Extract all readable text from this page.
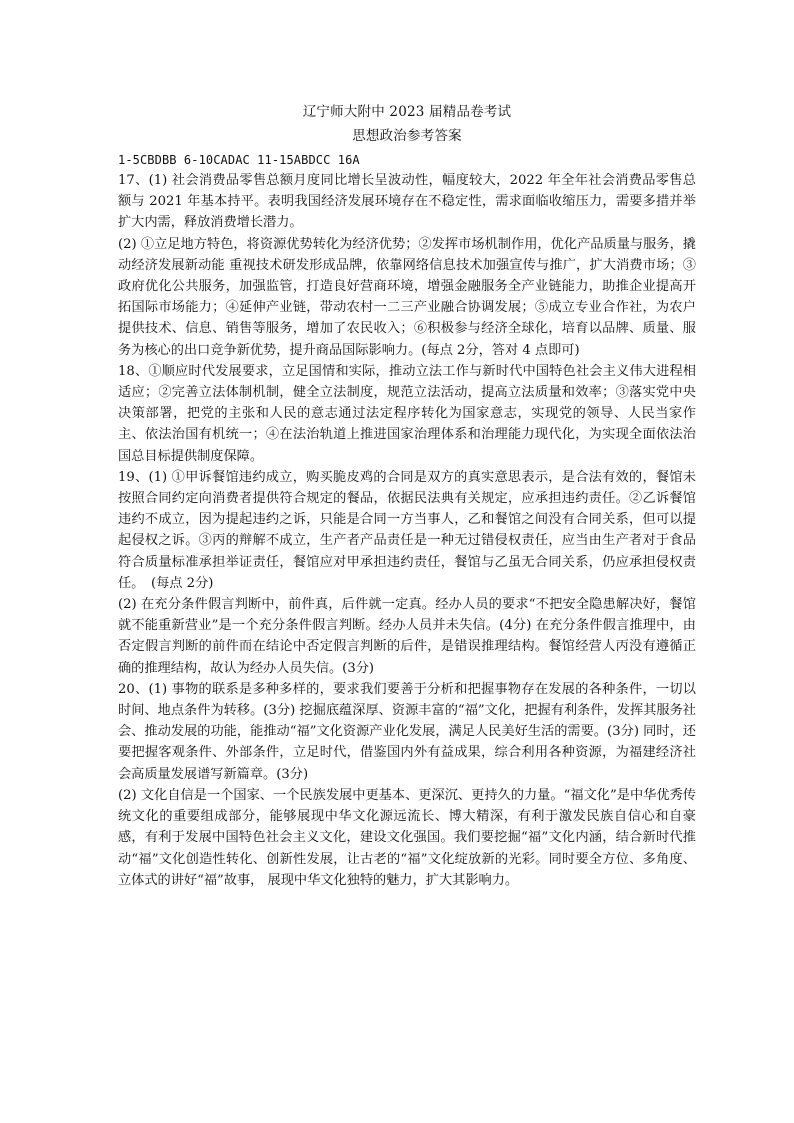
辽宁师大附中 2023 届精品卷考试
思想政治参考答案
1-5CBDBB 6-10CADAC 11-15ABDCC 16A

17、(1) 社会消费品零售总额月度同比增长呈波动性，幅度较大，2022 年全年社会消费品零售总额与 2021 年基本持平。表明我国经济发展环境存在不稳定性，需求面临收缩压力，需要多措并举扩大内需，释放消费增长潜力。

(2) ①立足地方特色，将资源优势转化为经济优势；②发挥市场机制作用，优化产品质量与服务，撬动经济发展新动能 重视技术研发形成品牌，依靠网络信息技术加强宣传与推广，扩大消费市场；③政府优化公共服务，加强监管，打造良好营商环境，增强金融服务全产业链能力，助推企业提高开拓国际市场能力；④延伸产业链，带动农村一二三产业融合协调发展；⑤成立专业合作社，为农户提供技术、信息、销售等服务，增加了农民收入；⑥积极参与经济全球化，培育以品牌、质量、服务为核心的出口竞争新优势，提升商品国际影响力。(每点 2分，答对 4 点即可)

18、①顺应时代发展要求，立足国情和实际，推动立法工作与新时代中国特色社会主义伟大进程相适应；②完善立法体制机制，健全立法制度，规范立法活动，提高立法质量和效率；③落实党中央决策部署，把党的主张和人民的意志通过法定程序转化为国家意志，实现党的领导、人民当家作主、依法治国有机统一；④在法治轨道上推进国家治理体系和治理能力现代化，为实现全面依法治国总目标提供制度保障。

19、(1) ①甲诉餐馆违约成立，购买脆皮鸡的合同是双方的真实意思表示，是合法有效的，餐馆未按照合同约定向消费者提供符合规定的餐品，依据民法典有关规定，应承担违约责任。②乙诉餐馆违约不成立，因为提起违约之诉，只能是合同一方当事人，乙和餐馆之间没有合同关系，但可以提起侵权之诉。③丙的辩解不成立，生产者产品责任是一种无过错侵权责任，应当由生产者对于食品符合质量标准承担举证责任，餐馆应对甲承担违约责任，餐馆与乙虽无合同关系，仍应承担侵权责任。　(每点 2分)

(2) 在充分条件假言判断中，前件真，后件就一定真。经办人员的要求“不把安全隐患解决好，餐馆就不能重新营业”是一个充分条件假言判断。经办人员并未失信。(4分) 在充分条件假言推理中，由否定假言判断的前件而在结论中否定假言判断的后件，是错误推理结构。餐馆经营人丙没有遵循正确的推理结构，故认为经办人员失信。(3分)

20、(1) 事物的联系是多种多样的，要求我们要善于分析和把握事物存在发展的各种条件，一切以时间、地点条件为转移。(3分) 挖掘底蕴深厚、资源丰富的“福”文化，把握有利条件，发挥其服务社会、推动发展的功能，能推动“福”文化资源产业化发展，满足人民美好生活的需要。(3分) 同时，还要把握客观条件、外部条件，立足时代，借鉴国内外有益成果，综合利用各种资源，为福建经济社会高质量发展谱写新篇章。(3分)

(2) 文化自信是一个国家、一个民族发展中更基本、更深沉、更持久的力量。“福文化”是中华优秀传统文化的重要组成部分，能够展现中华文化源远流长、博大精深，有利于激发民族自信心和自豪感，有利于发展中国特色社会主义文化，建设文化强国。我们要挖掘“福”文化内涵，结合新时代推动“福”文化创造性转化、创新性发展，让古老的“福”文化绽放新的光彩。同时要全方位、多角度、立体式的讲好“福”故事， 展现中华文化独特的魅力，扩大其影响力。
